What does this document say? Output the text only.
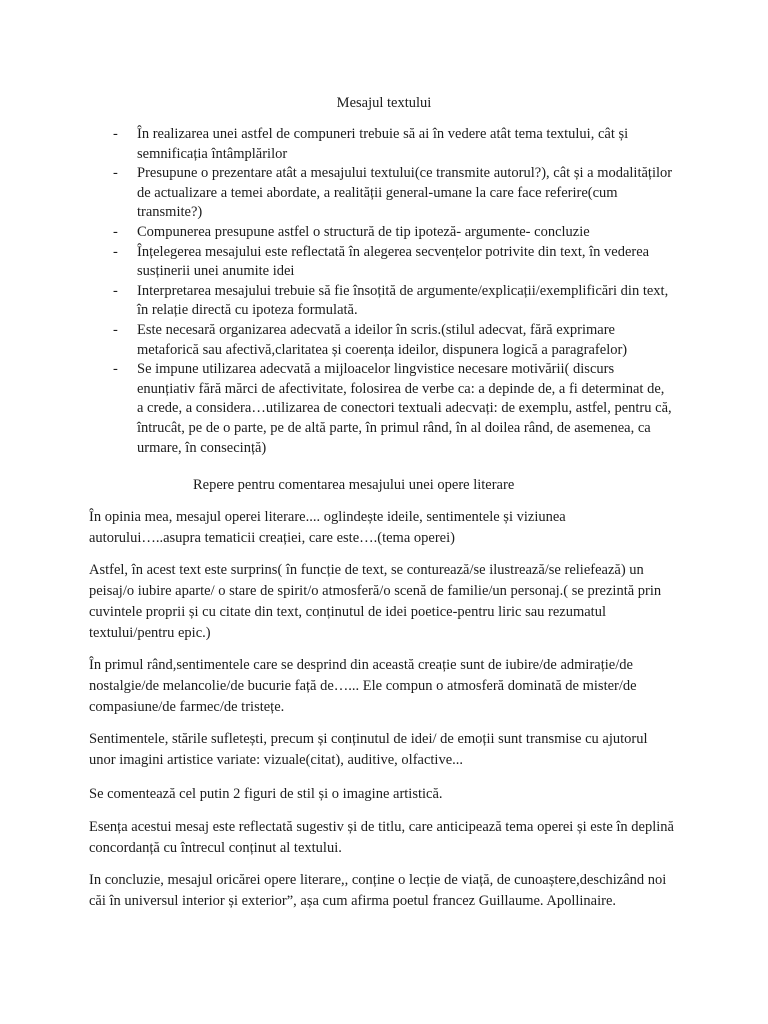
Mesajul textului
- În realizarea unei astfel de compuneri trebuie să ai în vedere atât tema textului, cât și semnificația întâmplărilor
- Presupune o prezentare atât a mesajului textului(ce transmite autorul?), cât și a modalităților de actualizare a temei abordate, a realității general-umane la care face referire(cum transmite?)
- Compunerea presupune astfel o structură de tip ipoteză- argumente- concluzie
- Înțelegerea mesajului este reflectată în alegerea secvențelor potrivite din text, în vederea susținerii unei anumite idei
- Interpretarea mesajului trebuie să fie însoțită de argumente/explicații/exemplificări din text, în relație directă cu ipoteza formulată.
- Este necesară organizarea adecvată a ideilor în scris.(stilul adecvat, fără exprimare metaforică sau afectivă,claritatea și coerența ideilor, dispunera logică a paragrafelor)
- Se impune utilizarea adecvată a mijloacelor lingvistice necesare motivării( discurs enunțiativ fără mărci de afectivitate, folosirea de verbe ca: a depinde de, a fi determinat de, a crede, a considera…utilizarea de conectori textuali adecvați: de exemplu, astfel, pentru că, întrucât, pe de o parte, pe de altă parte, în primul rând, în al doilea rând, de asemenea, ca urmare, în consecință)
Repere pentru comentarea mesajului unei opere literare

În opinia mea, mesajul operei literare.... oglindește ideile, sentimentele și viziunea autorului…..asupra tematicii creației, care este….(tema operei)

Astfel, în acest text este surprins( în funcție de text, se conturează/se ilustrează/se reliefează) un peisaj/o iubire aparte/ o stare de spirit/o atmosferă/o scenă de familie/un personaj.( se prezintă prin cuvintele proprii și cu citate din text, conținutul de idei poetice-pentru liric sau rezumatul textului/pentru epic.)

În primul rând,sentimentele care se desprind din această creație sunt de iubire/de admirație/de nostalgie/de melancolie/de bucurie față de…... Ele compun o atmosferă dominată de mister/de compasiune/de farmec/de tristețe.

Sentimentele, stările sufletești, precum și conținutul de idei/ de emoții sunt transmise cu ajutorul unor imagini artistice variate: vizuale(citat), auditive, olfactive...

Se comentează cel putin 2 figuri de stil și o imagine artistică.

Esența acestui mesaj este reflectată sugestiv și de titlu, care anticipează tema operei și este în deplină concordanță cu întrecul conținut al textului.

In concluzie, mesajul oricărei opere literare,, conține o lecție de viață, de cunoaștere,deschizând noi căi în universul interior și exterior”, așa cum afirma poetul francez Guillaume. Apollinaire.
